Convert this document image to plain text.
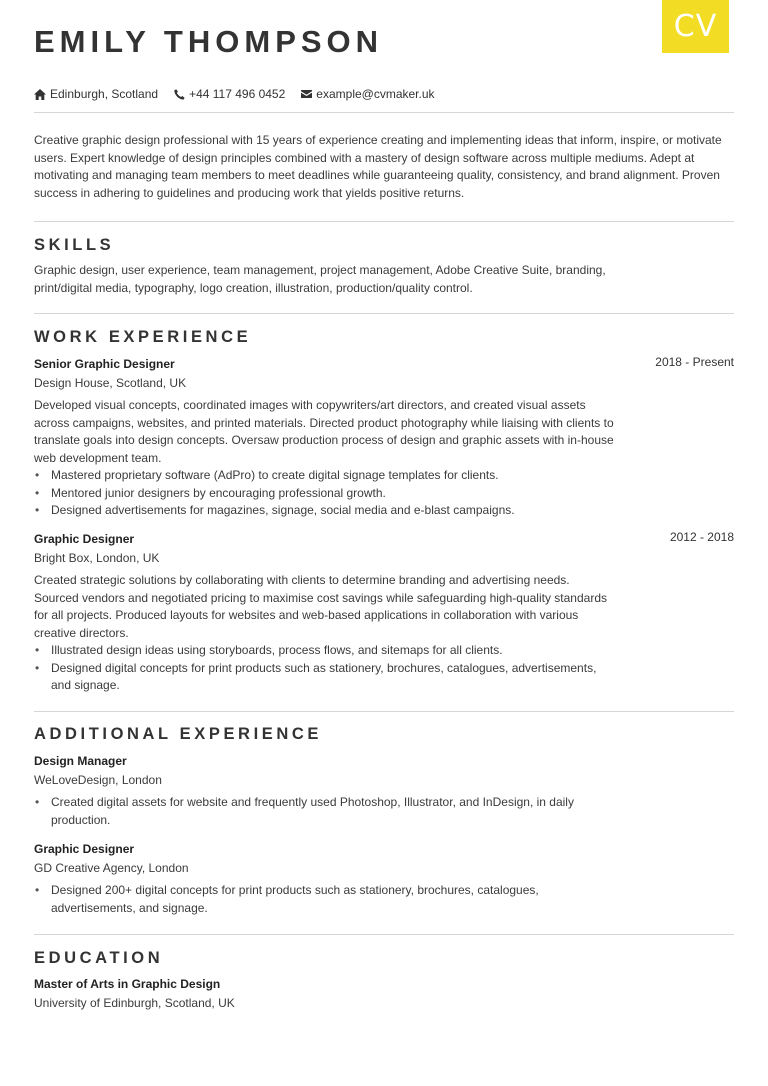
CV
EMILY THOMPSON
Edinburgh, Scotland	+44 117 496 0452	example@cvmaker.uk

Creative graphic design professional with 15 years of experience creating and implementing ideas that inform, inspire, or motivate users. Expert knowledge of design principles combined with a mastery of design software across multiple mediums. Adept at motivating and managing team members to meet deadlines while guaranteeing quality, consistency, and brand alignment. Proven success in adhering to guidelines and producing work that yields positive returns.

SKILLS

Graphic design, user experience, team management, project management, Adobe Creative Suite, branding, print/digital media, typography, logo creation, illustration, production/quality control.

WORK EXPERIENCE
Senior Graphic Designer	2018 - Present
Design House, Scotland, UK

Developed visual concepts, coordinated images with copywriters/art directors, and created visual assets across campaigns, websites, and printed materials. Directed product photography while liaising with clients to translate goals into design concepts. Oversaw production process of design and graphic assets with in-house web development team.

• Mastered proprietary software (AdPro) to create digital signage templates for clients.
• Mentored junior designers by encouraging professional growth.
• Designed advertisements for magazines, signage, social media and e-blast campaigns.
Graphic Designer	2012 - 2018
Bright Box, London, UK

Created strategic solutions by collaborating with clients to determine branding and advertising needs. Sourced vendors and negotiated pricing to maximise cost savings while safeguarding high-quality standards for all projects. Produced layouts for websites and web-based applications in collaboration with various creative directors.

• Illustrated design ideas using storyboards, process flows, and sitemaps for all clients.
• Designed digital concepts for print products such as stationery, brochures, catalogues, advertisements, and signage.
ADDITIONAL EXPERIENCE
Design Manager
WeLoveDesign, London
• Created digital assets for website and frequently used Photoshop, Illustrator, and InDesign, in daily production.
Graphic Designer
GD Creative Agency, London
• Designed 200+ digital concepts for print products such as stationery, brochures, catalogues, advertisements, and signage.
EDUCATION
Master of Arts in Graphic Design
University of Edinburgh, Scotland, UK
